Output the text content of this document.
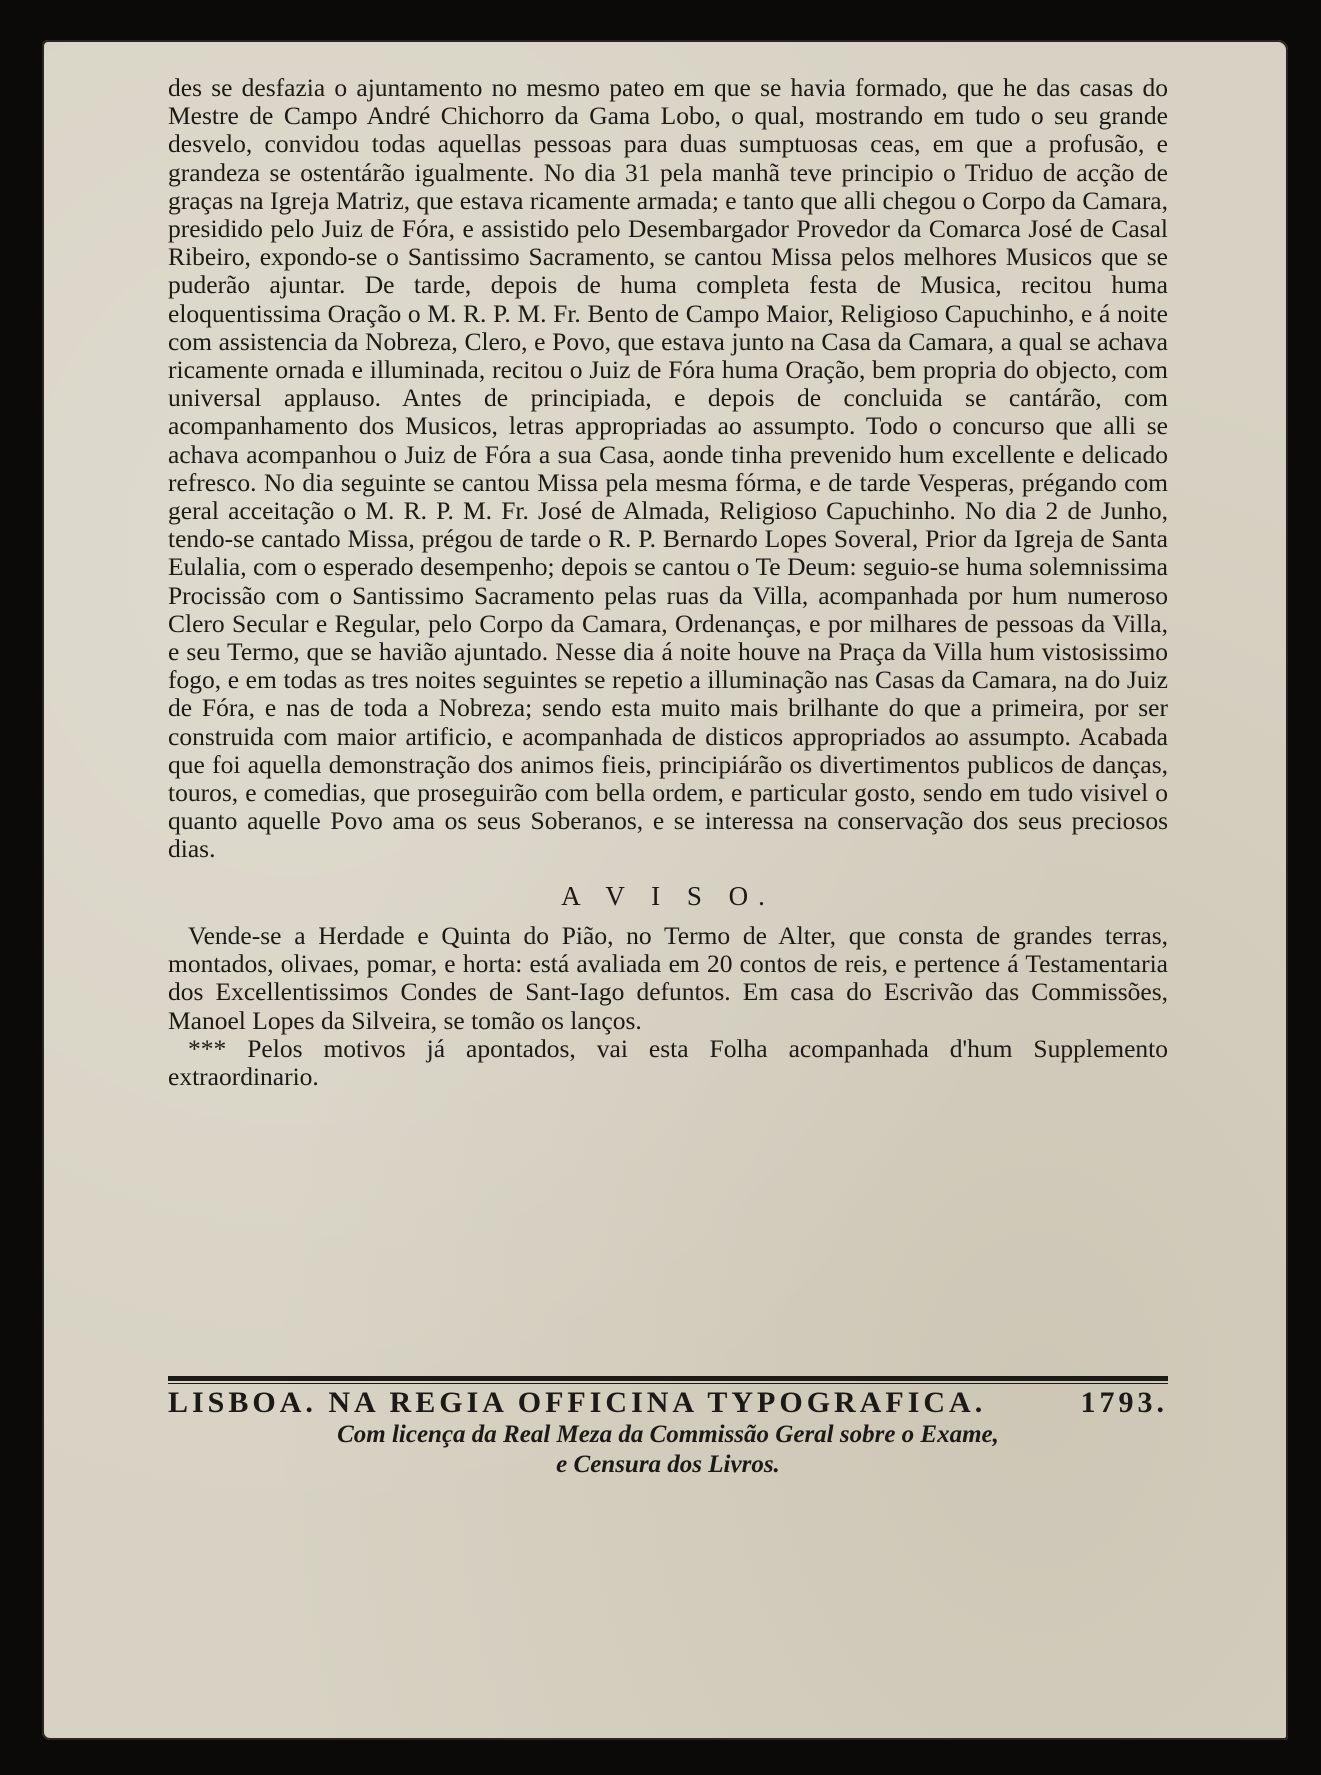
des se desfazia o ajuntamento no mesmo pateo em que se havia formado, que he das casas do Mestre de Campo André Chichorro da Gama Lobo, o qual, mostrando em tudo o seu grande desvelo, convidou todas aquellas pessoas para duas sumptuosas ceas, em que a profusão, e grandeza se ostentárão igualmente. No dia 31 pela manhã teve principio o Triduo de acção de graças na Igreja Matriz, que estava ricamente armada; e tanto que alli chegou o Corpo da Camara, presidido pelo Juiz de Fóra, e assistido pelo Desembargador Provedor da Comarca José de Casal Ribeiro, expondo-se o Santissimo Sacramento, se cantou Missa pelos melhores Musicos que se puderão ajuntar. De tarde, depois de huma completa festa de Musica, recitou huma eloquentissima Oração o M. R. P. M. Fr. Bento de Campo Maior, Religioso Capuchinho, e á noite com assistencia da Nobreza, Clero, e Povo, que estava junto na Casa da Camara, a qual se achava ricamente ornada e illuminada, recitou o Juiz de Fóra huma Oração, bem propria do objecto, com universal applauso. Antes de principiada, e depois de concluida se cantárão, com acompanhamento dos Musicos, letras appropriadas ao assumpto. Todo o concurso que alli se achava acompanhou o Juiz de Fóra a sua Casa, aonde tinha prevenido hum excellente e delicado refresco. No dia seguinte se cantou Missa pela mesma fórma, e de tarde Vesperas, prégando com geral acceitação o M. R. P. M. Fr. José de Almada, Religioso Capuchinho. No dia 2 de Junho, tendo-se cantado Missa, prégou de tarde o R. P. Bernardo Lopes Soveral, Prior da Igreja de Santa Eulalia, com o esperado desempenho; depois se cantou o Te Deum: seguio-se huma solemnissima Procissão com o Santissimo Sacramento pelas ruas da Villa, acompanhada por hum numeroso Clero Secular e Regular, pelo Corpo da Camara, Ordenanças, e por milhares de pessoas da Villa, e seu Termo, que se havião ajuntado. Nesse dia á noite houve na Praça da Villa hum vistosissimo fogo, e em todas as tres noites seguintes se repetio a illuminação nas Casas da Camara, na do Juiz de Fóra, e nas de toda a Nobreza; sendo esta muito mais brilhante do que a primeira, por ser construida com maior artificio, e acompanhada de disticos appropriados ao assumpto. Acabada que foi aquella demonstração dos animos fieis, principiárão os divertimentos publicos de danças, touros, e comedias, que proseguirão com bella ordem, e particular gosto, sendo em tudo visivel o quanto aquelle Povo ama os seus Soberanos, e se interessa na conservação dos seus preciosos dias.

A V I S O.

Vende-se a Herdade e Quinta do Pião, no Termo de Alter, que consta de grandes terras, montados, olivaes, pomar, e horta: está avaliada em 20 contos de reis, e pertence á Testamentaria dos Excellentissimos Condes de Sant-Iago defuntos. Em casa do Escrivão das Commissões, Manoel Lopes da Silveira, se tomão os lanços.

*** Pelos motivos já apontados, vai esta Folha acompanhada d'hum Supplemento extraordinario.

LISBOA. NA REGIA OFFICINA TYPOGRAFICA.	1793.
Com licença da Real Meza da Commissão Geral sobre o Exame,
e Censura dos Livros.
